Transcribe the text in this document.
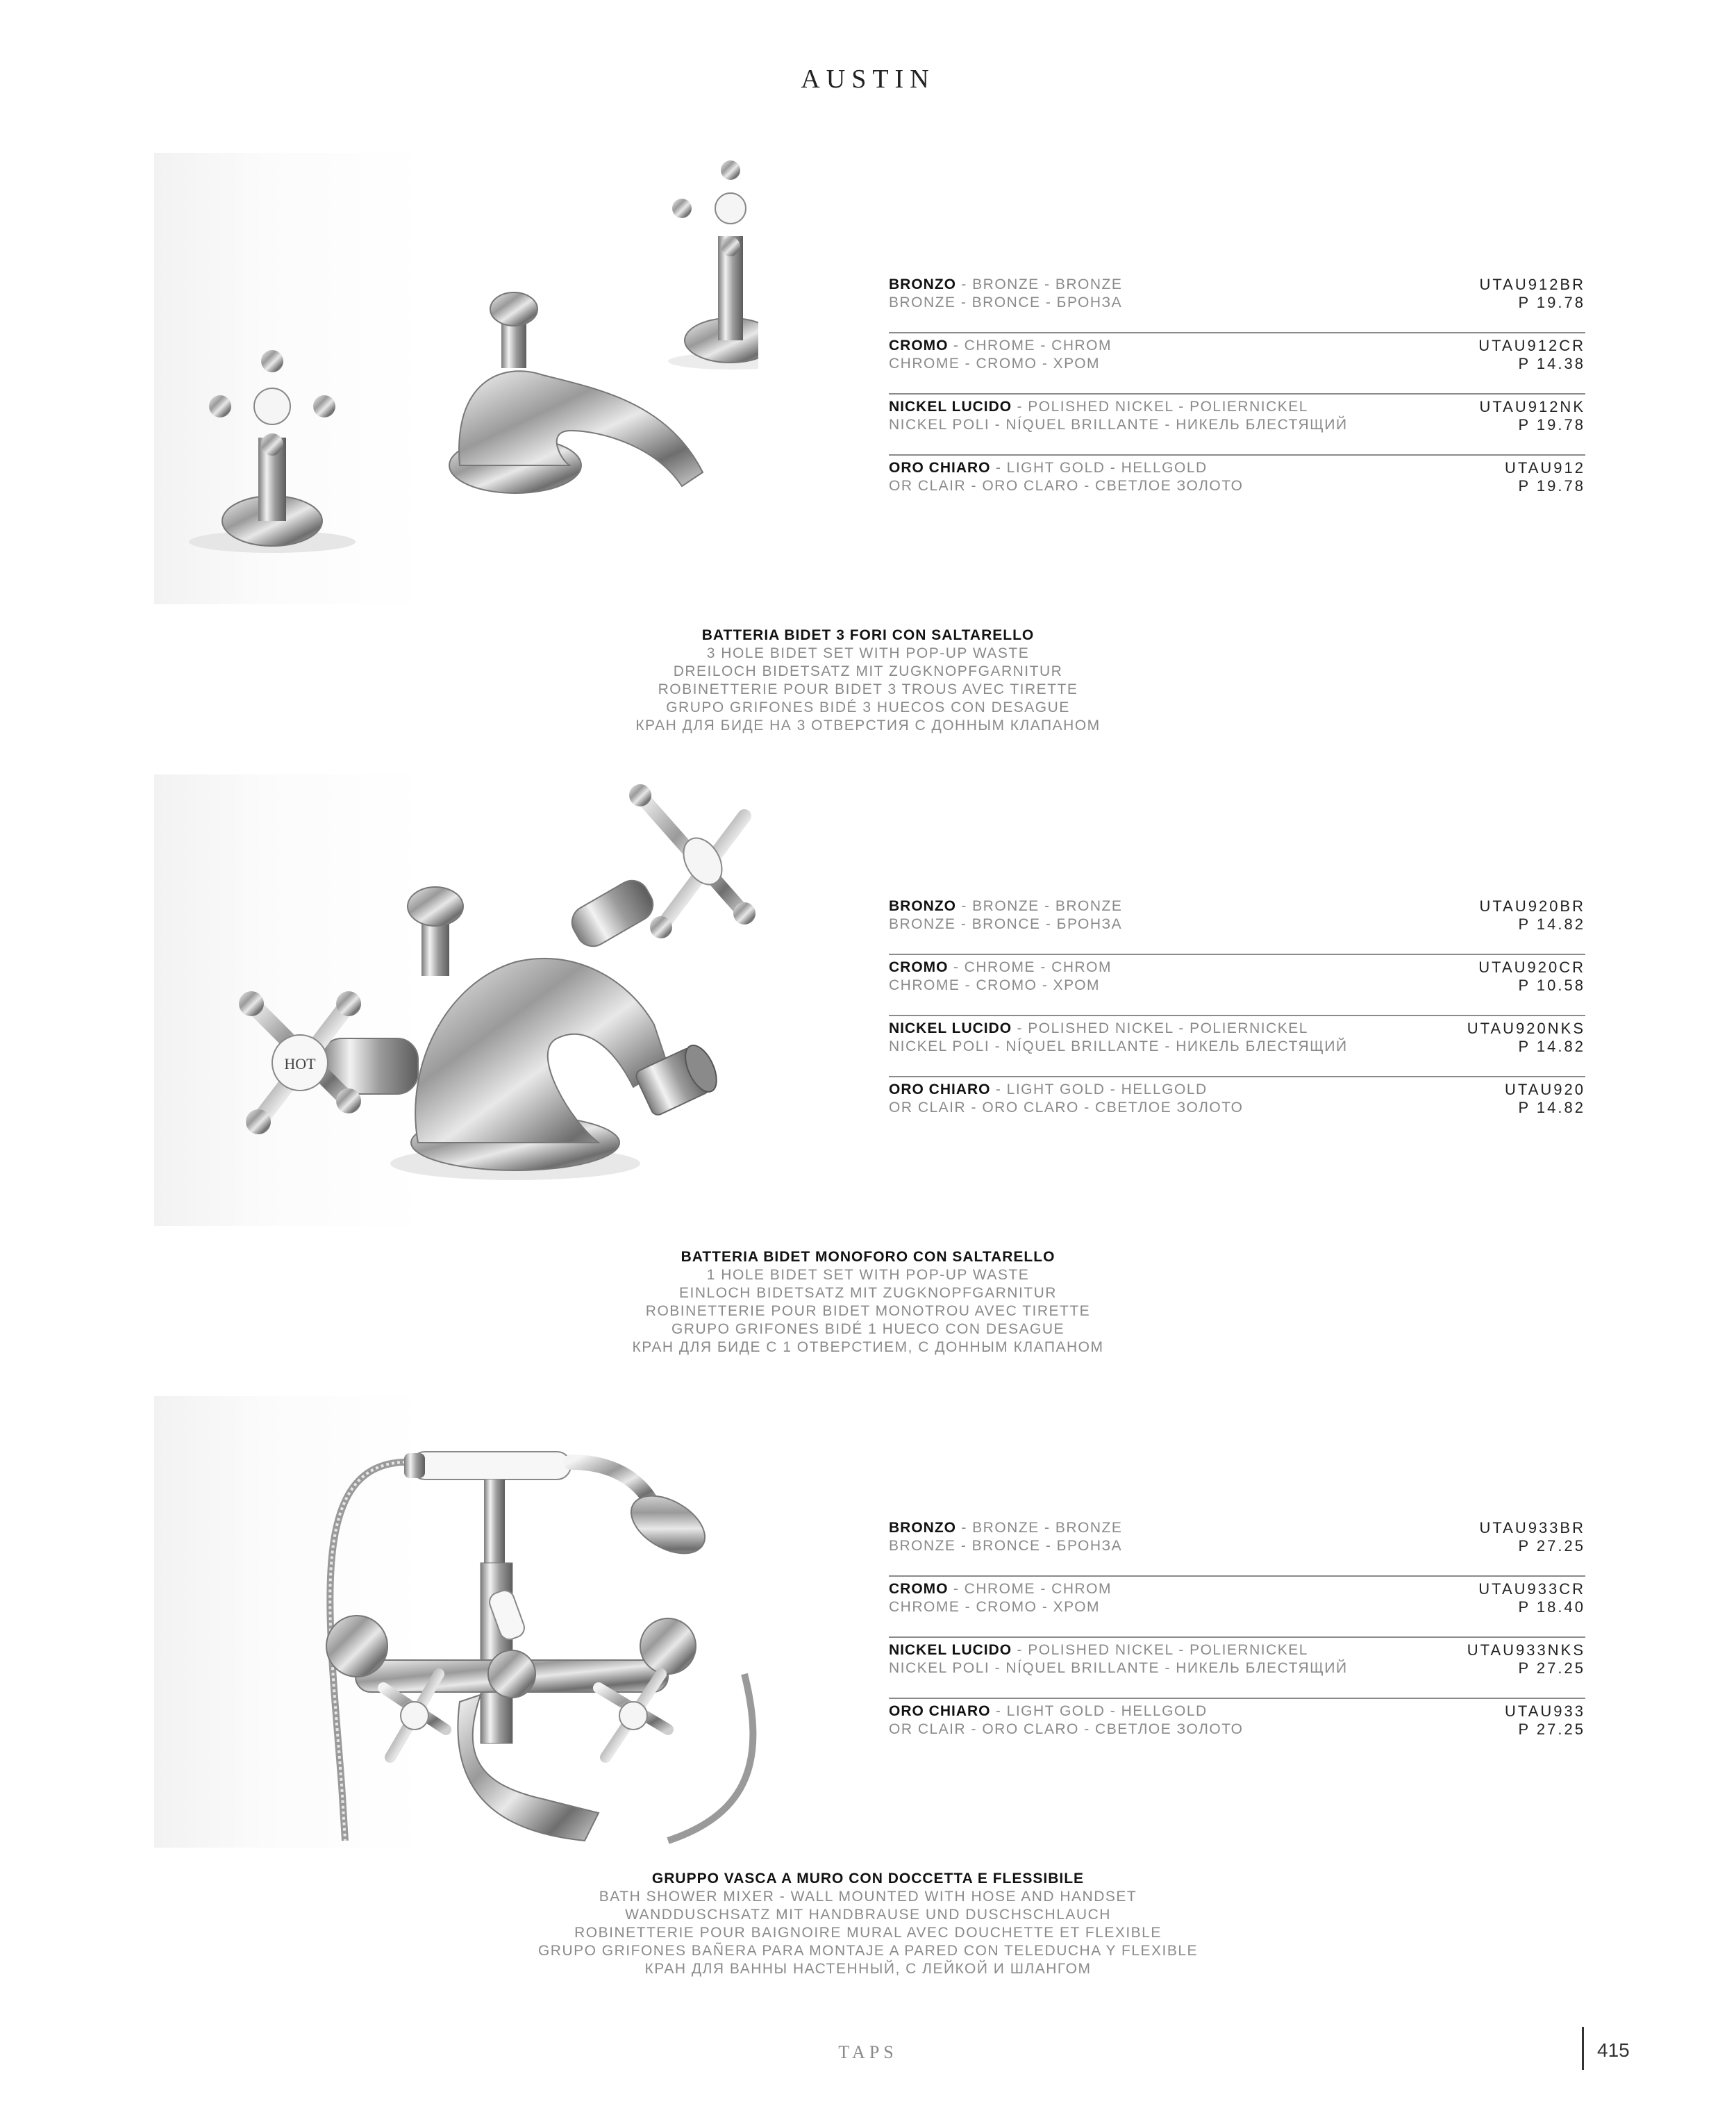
AUSTIN
BRONZO - BRONZE - BRONZE
BRONZE - BRONCE - БРОНЗА
UTAU912BR
P 19.78
CROMO - CHROME - CHROM
CHROME - CROMO - ХРОМ
UTAU912CR
P 14.38
NICKEL LUCIDO - POLISHED NICKEL - POLIERNICKEL
NICKEL POLI - NÍQUEL BRILLANTE - НИКЕЛЬ БЛЕСТЯЩИЙ
UTAU912NK
P 19.78
ORO CHIARO - LIGHT GOLD - HELLGOLD
OR CLAIR - ORO CLARO - СВЕТЛОЕ ЗОЛОТО
UTAU912
P 19.78
BATTERIA BIDET 3 FORI CON SALTARELLO
3 HOLE BIDET SET WITH POP-UP WASTE
DREILOCH BIDETSATZ MIT ZUGKNOPFGARNITUR
ROBINETTERIE POUR BIDET 3 TROUS AVEC TIRETTE
GRUPO GRIFONES BIDÉ 3 HUECOS CON DESAGUE
КРАН ДЛЯ БИДЕ НА 3 ОТВЕРСТИЯ С ДОННЫМ КЛАПАНОМ
HOT
BRONZO - BRONZE - BRONZE
BRONZE - BRONCE - БРОНЗА
UTAU920BR
P 14.82
CROMO - CHROME - CHROM
CHROME - CROMO - ХРОМ
UTAU920CR
P 10.58
NICKEL LUCIDO - POLISHED NICKEL - POLIERNICKEL
NICKEL POLI - NÍQUEL BRILLANTE - НИКЕЛЬ БЛЕСТЯЩИЙ
UTAU920NKS
P 14.82
ORO CHIARO - LIGHT GOLD - HELLGOLD
OR CLAIR - ORO CLARO - СВЕТЛОЕ ЗОЛОТО
UTAU920
P 14.82
BATTERIA BIDET MONOFORO CON SALTARELLO
1 HOLE BIDET SET WITH POP-UP WASTE
EINLOCH BIDETSATZ MIT ZUGKNOPFGARNITUR
ROBINETTERIE POUR BIDET MONOTROU AVEC TIRETTE
GRUPO GRIFONES BIDÉ 1 HUECO CON DESAGUE
КРАН ДЛЯ БИДЕ С 1 ОТВЕРСТИЕМ, С ДОННЫМ КЛАПАНОМ
BRONZO - BRONZE - BRONZE
BRONZE - BRONCE - БРОНЗА
UTAU933BR
P 27.25
CROMO - CHROME - CHROM
CHROME - CROMO - ХРОМ
UTAU933CR
P 18.40
NICKEL LUCIDO - POLISHED NICKEL - POLIERNICKEL
NICKEL POLI - NÍQUEL BRILLANTE - НИКЕЛЬ БЛЕСТЯЩИЙ
UTAU933NKS
P 27.25
ORO CHIARO - LIGHT GOLD - HELLGOLD
OR CLAIR - ORO CLARO - СВЕТЛОЕ ЗОЛОТО
UTAU933
P 27.25
GRUPPO VASCA A MURO CON DOCCETTA E FLESSIBILE
BATH SHOWER MIXER - WALL MOUNTED WITH HOSE AND HANDSET
WANDDUSCHSATZ MIT HANDBRAUSE UND DUSCHSCHLAUCH
ROBINETTERIE POUR BAIGNOIRE MURAL AVEC DOUCHETTE ET FLEXIBLE
GRUPO GRIFONES BAÑERA PARA MONTAJE A PARED CON TELEDUCHA Y FLEXIBLE
КРАН ДЛЯ ВАННЫ НАСТЕННЫЙ, С ЛЕЙКОЙ И ШЛАНГОМ
TAPS	415
